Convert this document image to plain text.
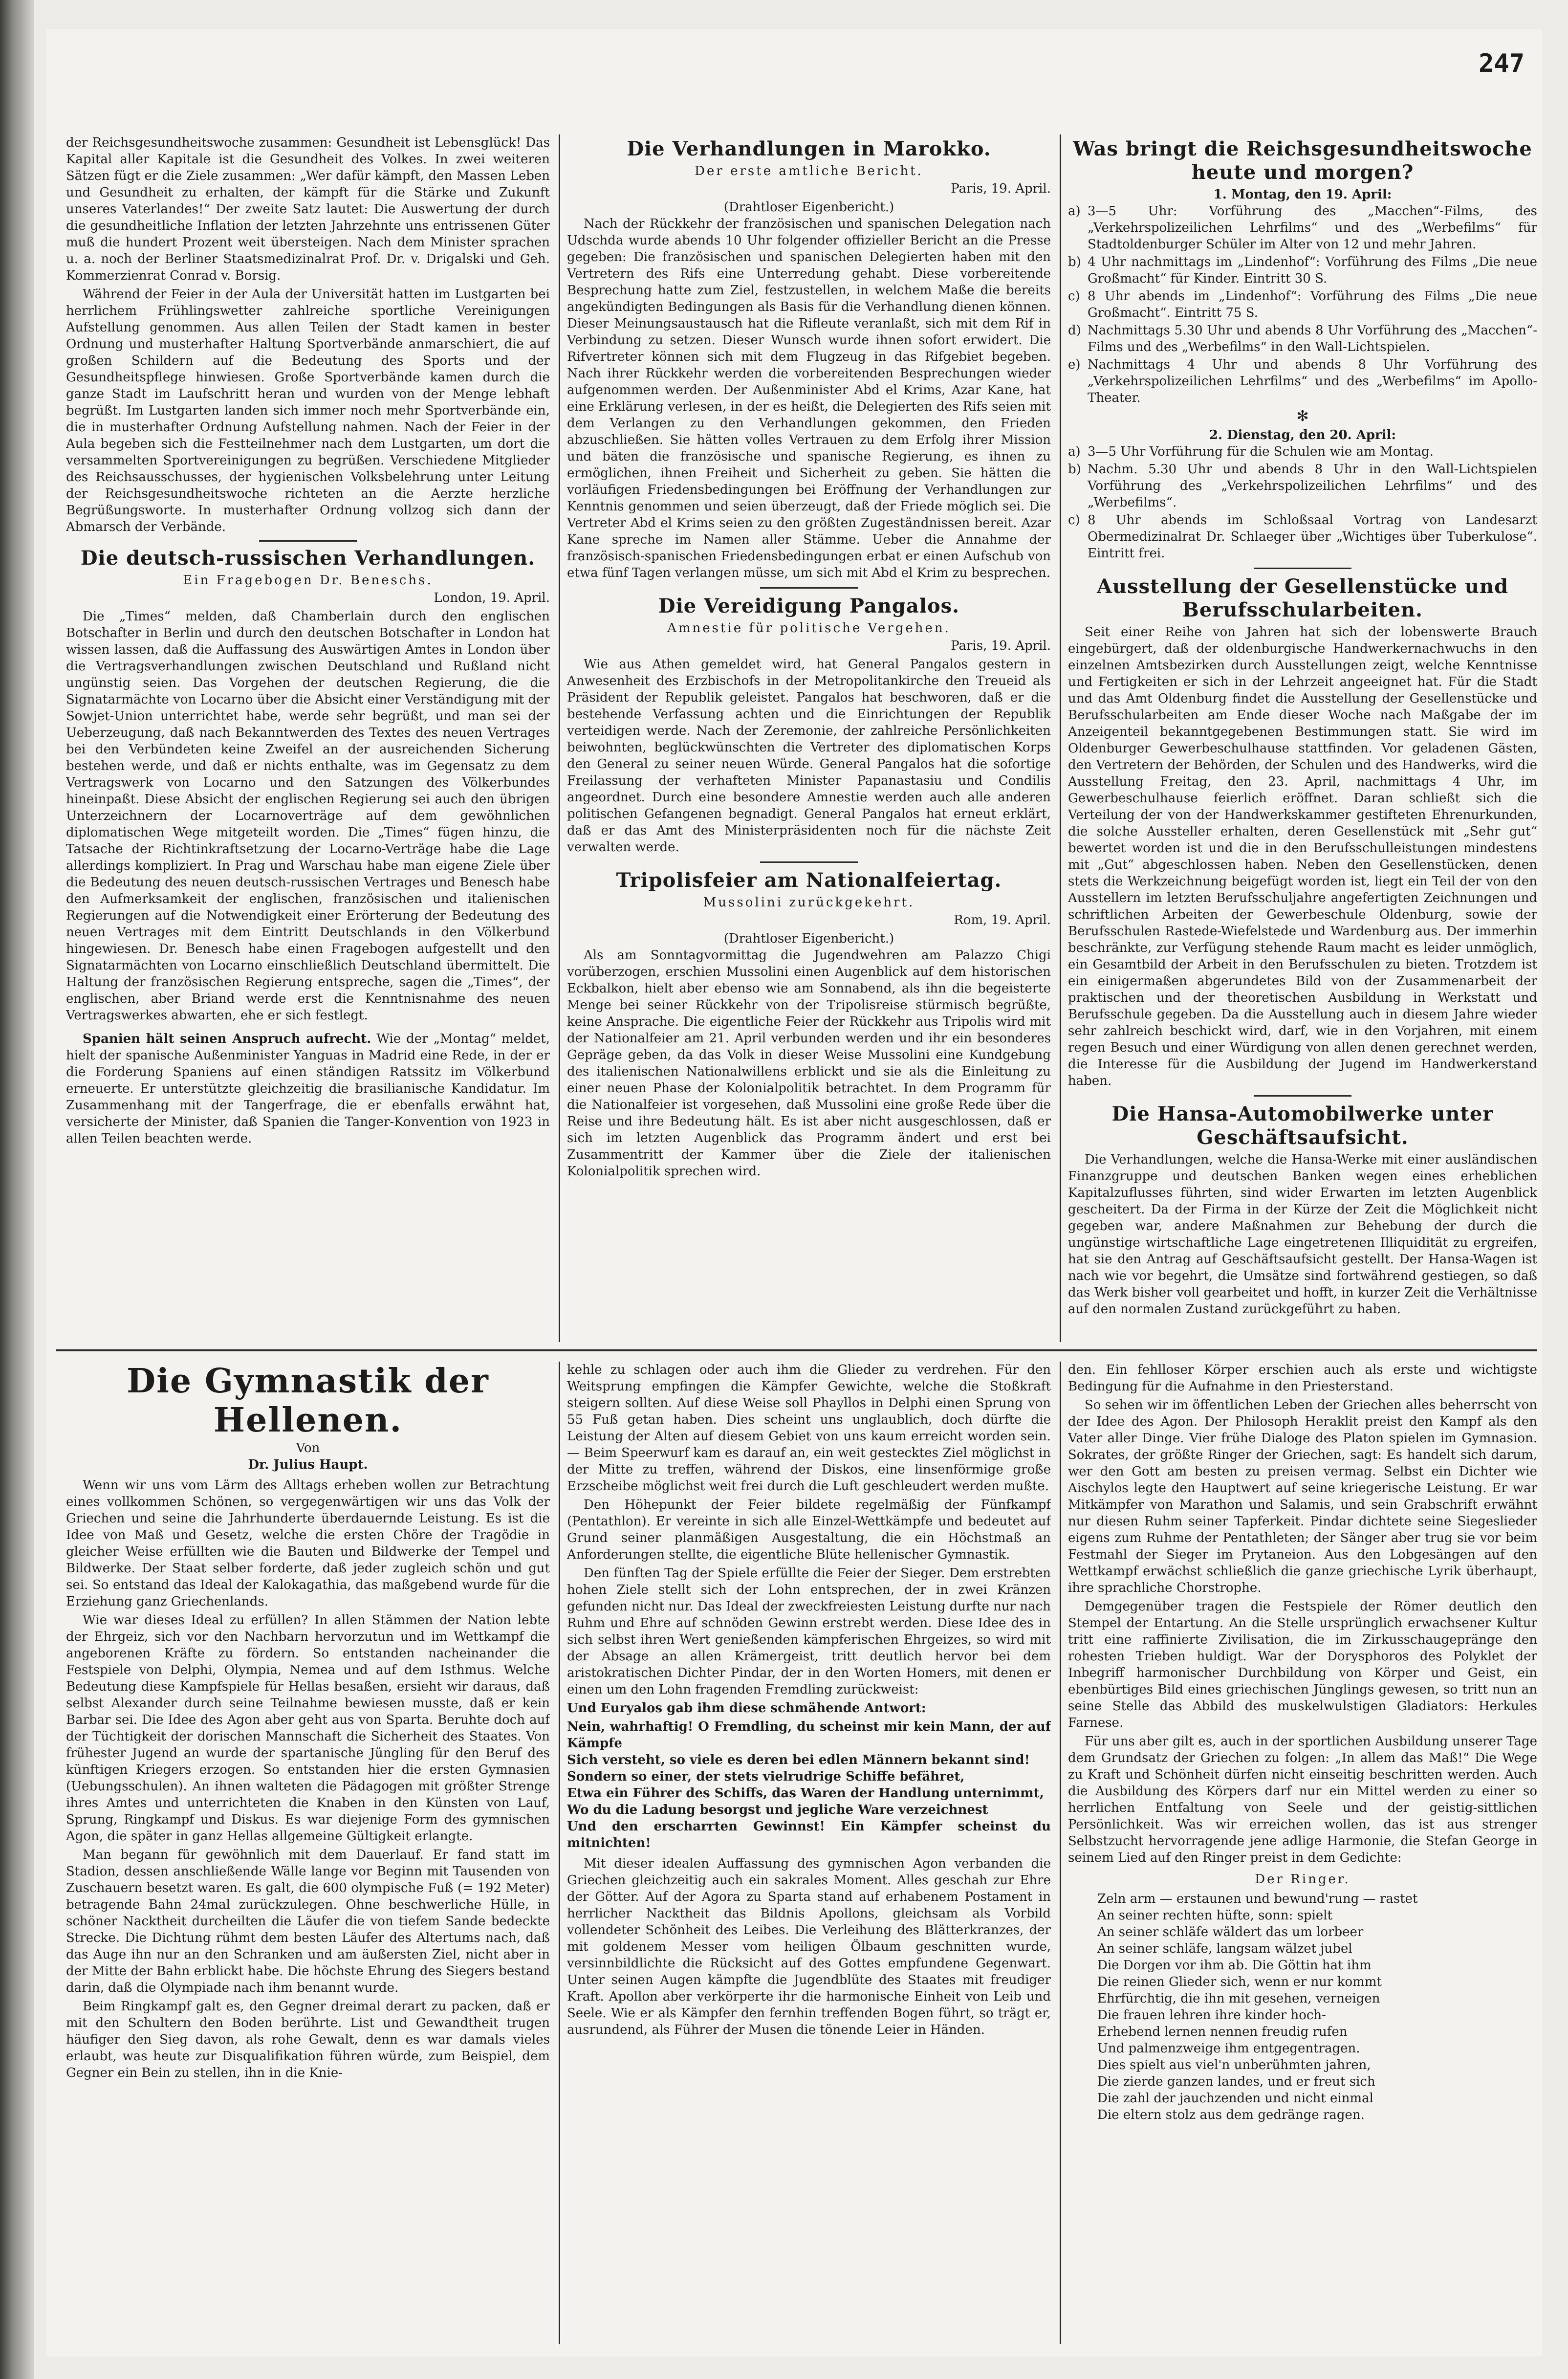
247

der Reichsgesundheitswoche zusammen: Gesundheit ist Lebensglück! Das Kapital aller Kapitale ist die Gesundheit des Volkes. In zwei weiteren Sätzen fügt er die Ziele zusammen: „Wer dafür kämpft, den Massen Leben und Gesundheit zu erhalten, der kämpft für die Stärke und Zukunft unseres Vaterlandes!“ Der zweite Satz lautet: Die Auswertung der durch die gesundheitliche Inflation der letzten Jahrzehnte uns entrissenen Güter muß die hundert Prozent weit übersteigen. Nach dem Minister sprachen u. a. noch der Berliner Staatsmedizinalrat Prof. Dr. v. Drigalski und Geh. Kommerzienrat Conrad v. Borsig.

Während der Feier in der Aula der Universität hatten im Lustgarten bei herrlichem Frühlingswetter zahlreiche sportliche Vereinigungen Aufstellung genommen. Aus allen Teilen der Stadt kamen in bester Ordnung und musterhafter Haltung Sportverbände anmarschiert, die auf großen Schildern auf die Bedeutung des Sports und der Gesundheitspflege hinwiesen. Große Sportverbände kamen durch die ganze Stadt im Laufschritt heran und wurden von der Menge lebhaft begrüßt. Im Lustgarten landen sich immer noch mehr Sportverbände ein, die in musterhafter Ordnung Aufstellung nahmen. Nach der Feier in der Aula begeben sich die Festteilnehmer nach dem Lustgarten, um dort die versammelten Sportvereinigungen zu begrüßen. Verschiedene Mitglieder des Reichsausschusses, der hygienischen Volksbelehrung unter Leitung der Reichsgesundheitswoche richteten an die Aerzte herzliche Begrüßungsworte. In musterhafter Ordnung vollzog sich dann der Abmarsch der Verbände.

Die deutsch-russischen Verhandlungen.
Ein Fragebogen Dr. Beneschs.
London, 19. April.

Die „Times“ melden, daß Chamberlain durch den englischen Botschafter in Berlin und durch den deutschen Botschafter in London hat wissen lassen, daß die Auffassung des Auswärtigen Amtes in London über die Vertragsverhandlungen zwischen Deutschland und Rußland nicht ungünstig seien. Das Vorgehen der deutschen Regierung, die die Signatarmächte von Locarno über die Absicht einer Verständigung mit der Sowjet-Union unterrichtet habe, werde sehr begrüßt, und man sei der Ueberzeugung, daß nach Bekanntwerden des Textes des neuen Vertrages bei den Verbündeten keine Zweifel an der ausreichenden Sicherung bestehen werde, und daß er nichts enthalte, was im Gegensatz zu dem Vertragswerk von Locarno und den Satzungen des Völkerbundes hineinpaßt. Diese Absicht der englischen Regierung sei auch den übrigen Unterzeichnern der Locarnoverträge auf dem gewöhnlichen diplomatischen Wege mitgeteilt worden. Die „Times“ fügen hinzu, die Tatsache der Richtinkraftsetzung der Locarno-Verträge habe die Lage allerdings kompliziert. In Prag und Warschau habe man eigene Ziele über die Bedeutung des neuen deutsch-russischen Vertrages und Benesch habe den Aufmerksamkeit der englischen, französischen und italienischen Regierungen auf die Notwendigkeit einer Erörterung der Bedeutung des neuen Vertrages mit dem Eintritt Deutschlands in den Völkerbund hingewiesen. Dr. Benesch habe einen Fragebogen aufgestellt und den Signatarmächten von Locarno einschließlich Deutschland übermittelt. Die Haltung der französischen Regierung entspreche, sagen die „Times“, der englischen, aber Briand werde erst die Kenntnisnahme des neuen Vertragswerkes abwarten, ehe er sich festlegt.

Spanien hält seinen Anspruch aufrecht. Wie der „Montag“ meldet, hielt der spanische Außenminister Yanguas in Madrid eine Rede, in der er die Forderung Spaniens auf einen ständigen Ratssitz im Völkerbund erneuerte. Er unterstützte gleichzeitig die brasilianische Kandidatur. Im Zusammenhang mit der Tangerfrage, die er ebenfalls erwähnt hat, versicherte der Minister, daß Spanien die Tanger-Konvention von 1923 in allen Teilen beachten werde.

Die Verhandlungen in Marokko.
Der erste amtliche Bericht.
Paris, 19. April.
(Drahtloser Eigenbericht.)

Nach der Rückkehr der französischen und spanischen Delegation nach Udschda wurde abends 10 Uhr folgender offizieller Bericht an die Presse gegeben: Die französischen und spanischen Delegierten haben mit den Vertretern des Rifs eine Unterredung gehabt. Diese vorbereitende Besprechung hatte zum Ziel, festzustellen, in welchem Maße die bereits angekündigten Bedingungen als Basis für die Verhandlung dienen können. Dieser Meinungsaustausch hat die Rifleute veranlaßt, sich mit dem Rif in Verbindung zu setzen. Dieser Wunsch wurde ihnen sofort erwidert. Die Rifvertreter können sich mit dem Flugzeug in das Rifgebiet begeben. Nach ihrer Rückkehr werden die vorbereitenden Besprechungen wieder aufgenommen werden. Der Außenminister Abd el Krims, Azar Kane, hat eine Erklärung verlesen, in der es heißt, die Delegierten des Rifs seien mit dem Verlangen zu den Verhandlungen gekommen, den Frieden abzuschließen. Sie hätten volles Vertrauen zu dem Erfolg ihrer Mission und bäten die französische und spanische Regierung, es ihnen zu ermöglichen, ihnen Freiheit und Sicherheit zu geben. Sie hätten die vorläufigen Friedensbedingungen bei Eröffnung der Verhandlungen zur Kenntnis genommen und seien überzeugt, daß der Friede möglich sei. Die Vertreter Abd el Krims seien zu den größten Zugeständnissen bereit. Azar Kane spreche im Namen aller Stämme. Ueber die Annahme der französisch-spanischen Friedensbedingungen erbat er einen Aufschub von etwa fünf Tagen verlangen müsse, um sich mit Abd el Krim zu besprechen.

Die Vereidigung Pangalos.
Amnestie für politische Vergehen.
Paris, 19. April.

Wie aus Athen gemeldet wird, hat General Pangalos gestern in Anwesenheit des Erzbischofs in der Metropolitankirche den Treueid als Präsident der Republik geleistet. Pangalos hat beschworen, daß er die bestehende Verfassung achten und die Einrichtungen der Republik verteidigen werde. Nach der Zeremonie, der zahlreiche Persönlichkeiten beiwohnten, beglückwünschten die Vertreter des diplomatischen Korps den General zu seiner neuen Würde. General Pangalos hat die sofortige Freilassung der verhafteten Minister Papanastasiu und Condilis angeordnet. Durch eine besondere Amnestie werden auch alle anderen politischen Gefangenen begnadigt. General Pangalos hat erneut erklärt, daß er das Amt des Ministerpräsidenten noch für die nächste Zeit verwalten werde.

Tripolisfeier am Nationalfeiertag.
Mussolini zurückgekehrt.
Rom, 19. April.
(Drahtloser Eigenbericht.)

Als am Sonntagvormittag die Jugendwehren am Palazzo Chigi vorüberzogen, erschien Mussolini einen Augenblick auf dem historischen Eckbalkon, hielt aber ebenso wie am Sonnabend, als ihn die begeisterte Menge bei seiner Rückkehr von der Tripolisreise stürmisch begrüßte, keine Ansprache. Die eigentliche Feier der Rückkehr aus Tripolis wird mit der Nationalfeier am 21. April verbunden werden und ihr ein besonderes Gepräge geben, da das Volk in dieser Weise Mussolini eine Kundgebung des italienischen Nationalwillens erblickt und sie als die Einleitung zu einer neuen Phase der Kolonialpolitik betrachtet. In dem Programm für die Nationalfeier ist vorgesehen, daß Mussolini eine große Rede über die Reise und ihre Bedeutung hält. Es ist aber nicht ausgeschlossen, daß er sich im letzten Augenblick das Programm ändert und erst bei Zusammentritt der Kammer über die Ziele der italienischen Kolonialpolitik sprechen wird.

Was bringt die Reichsgesundheitswoche heute und morgen?
1. Montag, den 19. April:
a) 3—5 Uhr: Vorführung des „Macchen“-Films, des „Verkehrspolizeilichen Lehrfilms“ und des „Werbefilms“ für Stadtoldenburger Schüler im Alter von 12 und mehr Jahren.
b) 4 Uhr nachmittags im „Lindenhof“: Vorführung des Films „Die neue Großmacht“ für Kinder. Eintritt 30 S.
c) 8 Uhr abends im „Lindenhof“: Vorführung des Films „Die neue Großmacht“. Eintritt 75 S.
d) Nachmittags 5.30 Uhr und abends 8 Uhr Vorführung des „Macchen“-Films und des „Werbefilms“ in den Wall-Lichtspielen.
e) Nachmittags 4 Uhr und abends 8 Uhr Vorführung des „Verkehrspolizeilichen Lehrfilms“ und des „Werbefilms“ im Apollo-Theater.
✻
2. Dienstag, den 20. April:
a) 3—5 Uhr Vorführung für die Schulen wie am Montag.
b) Nachm. 5.30 Uhr und abends 8 Uhr in den Wall-Lichtspielen Vorführung des „Verkehrspolizeilichen Lehrfilms“ und des „Werbefilms“.
c) 8 Uhr abends im Schloßsaal Vortrag von Landesarzt Obermedizinalrat Dr. Schlaeger über „Wichtiges über Tuberkulose“. Eintritt frei.
Ausstellung der Gesellenstücke und Berufsschularbeiten.

Seit einer Reihe von Jahren hat sich der lobenswerte Brauch eingebürgert, daß der oldenburgische Handwerkernachwuchs in den einzelnen Amtsbezirken durch Ausstellungen zeigt, welche Kenntnisse und Fertigkeiten er sich in der Lehrzeit angeeignet hat. Für die Stadt und das Amt Oldenburg findet die Ausstellung der Gesellenstücke und Berufsschularbeiten am Ende dieser Woche nach Maßgabe der im Anzeigenteil bekanntgegebenen Bestimmungen statt. Sie wird im Oldenburger Gewerbeschulhause stattfinden. Vor geladenen Gästen, den Vertretern der Behörden, der Schulen und des Handwerks, wird die Ausstellung Freitag, den 23. April, nachmittags 4 Uhr, im Gewerbeschulhause feierlich eröffnet. Daran schließt sich die Verteilung der von der Handwerkskammer gestifteten Ehrenurkunden, die solche Aussteller erhalten, deren Gesellenstück mit „Sehr gut“ bewertet worden ist und die in den Berufsschulleistungen mindestens mit „Gut“ abgeschlossen haben. Neben den Gesellenstücken, denen stets die Werkzeichnung beigefügt worden ist, liegt ein Teil der von den Ausstellern im letzten Berufsschuljahre angefertigten Zeichnungen und schriftlichen Arbeiten der Gewerbeschule Oldenburg, sowie der Berufsschulen Rastede-Wiefelstede und Wardenburg aus. Der immerhin beschränkte, zur Verfügung stehende Raum macht es leider unmöglich, ein Gesamtbild der Arbeit in den Berufsschulen zu bieten. Trotzdem ist ein einigermaßen abgerundetes Bild von der Zusammenarbeit der praktischen und der theoretischen Ausbildung in Werkstatt und Berufsschule gegeben. Da die Ausstellung auch in diesem Jahre wieder sehr zahlreich beschickt wird, darf, wie in den Vorjahren, mit einem regen Besuch und einer Würdigung von allen denen gerechnet werden, die Interesse für die Ausbildung der Jugend im Handwerkerstand haben.

Die Hansa-Automobilwerke unter Geschäftsaufsicht.

Die Verhandlungen, welche die Hansa-Werke mit einer ausländischen Finanzgruppe und deutschen Banken wegen eines erheblichen Kapitalzuflusses führten, sind wider Erwarten im letzten Augenblick gescheitert. Da der Firma in der Kürze der Zeit die Möglichkeit nicht gegeben war, andere Maßnahmen zur Behebung der durch die ungünstige wirtschaftliche Lage eingetretenen Illiquidität zu ergreifen, hat sie den Antrag auf Geschäftsaufsicht gestellt. Der Hansa-Wagen ist nach wie vor begehrt, die Umsätze sind fortwährend gestiegen, so daß das Werk bisher voll gearbeitet und hofft, in kurzer Zeit die Verhältnisse auf den normalen Zustand zurückgeführt zu haben.

Die Gymnastik der Hellenen.
Von
Dr. Julius Haupt.

Wenn wir uns vom Lärm des Alltags erheben wollen zur Betrachtung eines vollkommen Schönen, so vergegenwärtigen wir uns das Volk der Griechen und seine die Jahrhunderte überdauernde Leistung. Es ist die Idee von Maß und Gesetz, welche die ersten Chöre der Tragödie in gleicher Weise erfüllten wie die Bauten und Bildwerke der Tempel und Bildwerke. Der Staat selber forderte, daß jeder zugleich schön und gut sei. So entstand das Ideal der Kalokagathia, das maßgebend wurde für die Erziehung ganz Griechenlands.

Wie war dieses Ideal zu erfüllen? In allen Stämmen der Nation lebte der Ehrgeiz, sich vor den Nachbarn hervorzutun und im Wettkampf die angeborenen Kräfte zu fördern. So entstanden nacheinander die Festspiele von Delphi, Olympia, Nemea und auf dem Isthmus. Welche Bedeutung diese Kampfspiele für Hellas besaßen, ersieht wir daraus, daß selbst Alexander durch seine Teilnahme bewiesen musste, daß er kein Barbar sei. Die Idee des Agon aber geht aus von Sparta. Beruhte doch auf der Tüchtigkeit der dorischen Mannschaft die Sicherheit des Staates. Von frühester Jugend an wurde der spartanische Jüngling für den Beruf des künftigen Kriegers erzogen. So entstanden hier die ersten Gymnasien (Uebungsschulen). An ihnen walteten die Pädagogen mit größter Strenge ihres Amtes und unterrichteten die Knaben in den Künsten von Lauf, Sprung, Ringkampf und Diskus. Es war diejenige Form des gymnischen Agon, die später in ganz Hellas allgemeine Gültigkeit erlangte.

Man begann für gewöhnlich mit dem Dauerlauf. Er fand statt im Stadion, dessen anschließende Wälle lange vor Beginn mit Tausenden von Zuschauern besetzt waren. Es galt, die 600 olympische Fuß (= 192 Meter) betragende Bahn 24mal zurückzulegen. Ohne beschwerliche Hülle, in schöner Nacktheit durcheilten die Läufer die von tiefem Sande bedeckte Strecke. Die Dichtung rühmt dem besten Läufer des Altertums nach, daß das Auge ihn nur an den Schranken und am äußersten Ziel, nicht aber in der Mitte der Bahn erblickt habe. Die höchste Ehrung des Siegers bestand darin, daß die Olympiade nach ihm benannt wurde.

Beim Ringkampf galt es, den Gegner dreimal derart zu packen, daß er mit den Schultern den Boden berührte. List und Gewandtheit trugen häufiger den Sieg davon, als rohe Gewalt, denn es war damals vieles erlaubt, was heute zur Disqualifikation führen würde, zum Beispiel, dem Gegner ein Bein zu stellen, ihn in die Knie-

kehle zu schlagen oder auch ihm die Glieder zu verdrehen. Für den Weitsprung empfingen die Kämpfer Gewichte, welche die Stoßkraft steigern sollten. Auf diese Weise soll Phayllos in Delphi einen Sprung von 55 Fuß getan haben. Dies scheint uns unglaublich, doch dürfte die Leistung der Alten auf diesem Gebiet von uns kaum erreicht worden sein. — Beim Speerwurf kam es darauf an, ein weit gestecktes Ziel möglichst in der Mitte zu treffen, während der Diskos, eine linsenförmige große Erzscheibe möglichst weit frei durch die Luft geschleudert werden mußte.

Den Höhepunkt der Feier bildete regelmäßig der Fünfkampf (Pentathlon). Er vereinte in sich alle Einzel-Wettkämpfe und bedeutet auf Grund seiner planmäßigen Ausgestaltung, die ein Höchstmaß an Anforderungen stellte, die eigentliche Blüte hellenischer Gymnastik.

Den fünften Tag der Spiele erfüllte die Feier der Sieger. Dem erstrebten hohen Ziele stellt sich der Lohn entsprechen, der in zwei Kränzen gefunden nicht nur. Das Ideal der zweckfreiesten Leistung durfte nur nach Ruhm und Ehre auf schnöden Gewinn erstrebt werden. Diese Idee des in sich selbst ihren Wert genießenden kämpferischen Ehrgeizes, so wird mit der Absage an allen Krämergeist, tritt deutlich hervor bei dem aristokratischen Dichter Pindar, der in den Worten Homers, mit denen er einen um den Lohn fragenden Fremdling zurückweist:

Und Euryalos gab ihm diese schmähende Antwort:

Nein, wahrhaftig! O Fremdling, du scheinst mir kein Mann, der auf Kämpfe
Sich versteht, so viele es deren bei edlen Männern bekannt sind!
Sondern so einer, der stets vielrudrige Schiffe befähret,
Etwa ein Führer des Schiffs, das Waren der Handlung unternimmt,
Wo du die Ladung besorgst und jegliche Ware verzeichnest
Und den erscharrten Gewinnst! Ein Kämpfer scheinst du mitnichten!

Mit dieser idealen Auffassung des gymnischen Agon verbanden die Griechen gleichzeitig auch ein sakrales Moment. Alles geschah zur Ehre der Götter. Auf der Agora zu Sparta stand auf erhabenem Postament in herrlicher Nacktheit das Bildnis Apollons, gleichsam als Vorbild vollendeter Schönheit des Leibes. Die Verleihung des Blätterkranzes, der mit goldenem Messer vom heiligen Ölbaum geschnitten wurde, versinnbildlichte die Rücksicht auf des Gottes empfundene Gegenwart. Unter seinen Augen kämpfte die Jugendblüte des Staates mit freudiger Kraft. Apollon aber verkörperte ihr die harmonische Einheit von Leib und Seele. Wie er als Kämpfer den fernhin treffenden Bogen führt, so trägt er, ausrundend, als Führer der Musen die tönende Leier in Händen.

den. Ein fehlloser Körper erschien auch als erste und wichtigste Bedingung für die Aufnahme in den Priesterstand.

So sehen wir im öffentlichen Leben der Griechen alles beherrscht von der Idee des Agon. Der Philosoph Heraklit preist den Kampf als den Vater aller Dinge. Vier frühe Dialoge des Platon spielen im Gymnasion. Sokrates, der größte Ringer der Griechen, sagt: Es handelt sich darum, wer den Gott am besten zu preisen vermag. Selbst ein Dichter wie Aischylos legte den Hauptwert auf seine kriegerische Leistung. Er war Mitkämpfer von Marathon und Salamis, und sein Grabschrift erwähnt nur diesen Ruhm seiner Tapferkeit. Pindar dichtete seine Siegeslieder eigens zum Ruhme der Pentathleten; der Sänger aber trug sie vor beim Festmahl der Sieger im Prytaneion. Aus den Lobgesängen auf den Wettkampf erwächst schließlich die ganze griechische Lyrik überhaupt, ihre sprachliche Chorstrophe.

Demgegenüber tragen die Festspiele der Römer deutlich den Stempel der Entartung. An die Stelle ursprünglich erwachsener Kultur tritt eine raffinierte Zivilisation, die im Zirkusschaugepränge den rohesten Trieben huldigt. War der Dorysphoros des Polyklet der Inbegriff harmonischer Durchbildung von Körper und Geist, ein ebenbürtiges Bild eines griechischen Jünglings gewesen, so tritt nun an seine Stelle das Abbild des muskelwulstigen Gladiators: Herkules Farnese.

Für uns aber gilt es, auch in der sportlichen Ausbildung unserer Tage dem Grundsatz der Griechen zu folgen: „In allem das Maß!“ Die Wege zu Kraft und Schönheit dürfen nicht einseitig beschritten werden. Auch die Ausbildung des Körpers darf nur ein Mittel werden zu einer so herrlichen Entfaltung von Seele und der geistig-sittlichen Persönlichkeit. Was wir erreichen wollen, das ist aus strenger Selbstzucht hervorragende jene adlige Harmonie, die Stefan George in seinem Lied auf den Ringer preist in dem Gedichte:

Der Ringer.
Zeln arm — erstaunen und bewund'rung — rastet
An seiner rechten hüfte, sonn: spielt
An seiner schläfe wäldert das um lorbeer
An seiner schläfe, langsam wälzet jubel
Die Dorgen vor ihm ab. Die Göttin hat ihm
Die reinen Glieder sich, wenn er nur kommt
Ehrfürchtig, die ihn mit gesehen, verneigen
Die frauen lehren ihre kinder hoch-
Erhebend lernen nennen freudig rufen
Und palmenzweige ihm entgegentragen.
Dies spielt aus viel'n unberühmten jahren,
Die zierde ganzen landes, und er freut sich
Die zahl der jauchzenden und nicht einmal
Die eltern stolz aus dem gedränge ragen.
